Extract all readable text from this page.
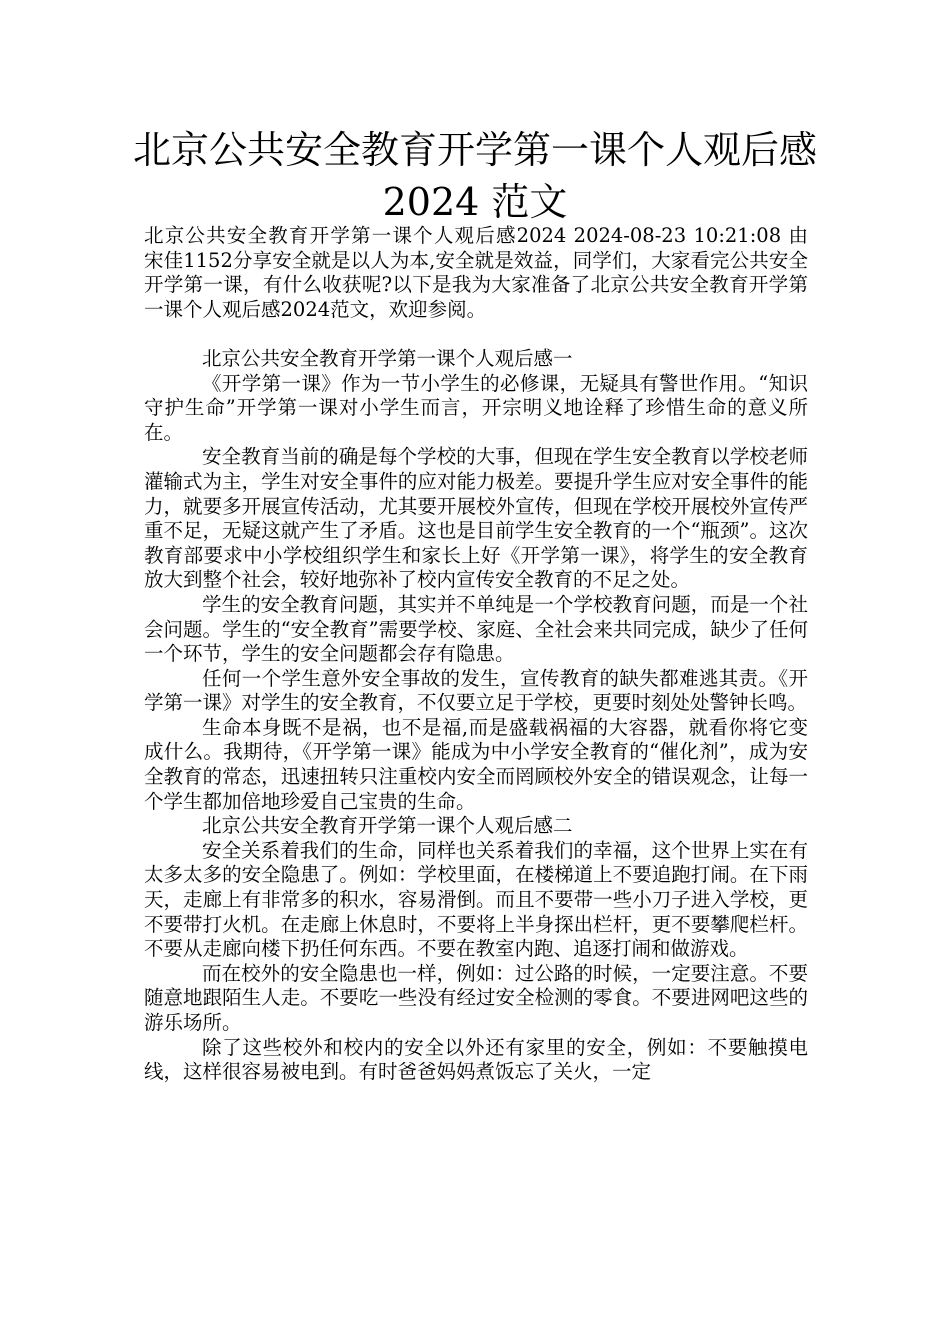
北京公共安全教育开学第一课个人观后感
2024 范文

北京公共安全教育开学第一课个人观后感2024 2024-08-23 10:21:08 由 宋佳1152分享安全就是以人为本,安全就是效益，同学们，大家看完公共安全开学第一课，有什么收获呢?以下是我为大家准备了北京公共安全教育开学第一课个人观后感2024范文，欢迎参阅。

北京公共安全教育开学第一课个人观后感一

《开学第一课》作为一节小学生的必修课，无疑具有警世作用。“知识守护生命”开学第一课对小学生而言，开宗明义地诠释了珍惜生命的意义所在。

安全教育当前的确是每个学校的大事，但现在学生安全教育以学校老师灌输式为主，学生对安全事件的应对能力极差。要提升学生应对安全事件的能力，就要多开展宣传活动，尤其要开展校外宣传，但现在学校开展校外宣传严重不足，无疑这就产生了矛盾。这也是目前学生安全教育的一个“瓶颈”。这次教育部要求中小学校组织学生和家长上好《开学第一课》，将学生的安全教育放大到整个社会，较好地弥补了校内宣传安全教育的不足之处。

学生的安全教育问题，其实并不单纯是一个学校教育问题，而是一个社会问题。学生的“安全教育”需要学校、家庭、全社会来共同完成，缺少了任何一个环节，学生的安全问题都会存有隐患。

任何一个学生意外安全事故的发生，宣传教育的缺失都难逃其责。《开学第一课》对学生的安全教育，不仅要立足于学校，更要时刻处处警钟长鸣。

生命本身既不是祸，也不是福,而是盛载祸福的大容器，就看你将它变成什么。我期待，《开学第一课》能成为中小学安全教育的“催化剂”，成为安全教育的常态，迅速扭转只注重校内安全而罔顾校外安全的错误观念，让每一个学生都加倍地珍爱自己宝贵的生命。

北京公共安全教育开学第一课个人观后感二

安全关系着我们的生命，同样也关系着我们的幸福，这个世界上实在有太多太多的安全隐患了。例如：学校里面，在楼梯道上不要追跑打闹。在下雨天，走廊上有非常多的积水，容易滑倒。而且不要带一些小刀子进入学校，更不要带打火机。在走廊上休息时，不要将上半身探出栏杆，更不要攀爬栏杆。不要从走廊向楼下扔任何东西。不要在教室内跑、追逐打闹和做游戏。

而在校外的安全隐患也一样，例如：过公路的时候，一定要注意。不要随意地跟陌生人走。不要吃一些没有经过安全检测的零食。不要进网吧这些的游乐场所。

除了这些校外和校内的安全以外还有家里的安全，例如：不要触摸电线，这样很容易被电到。有时爸爸妈妈煮饭忘了关火，一定
